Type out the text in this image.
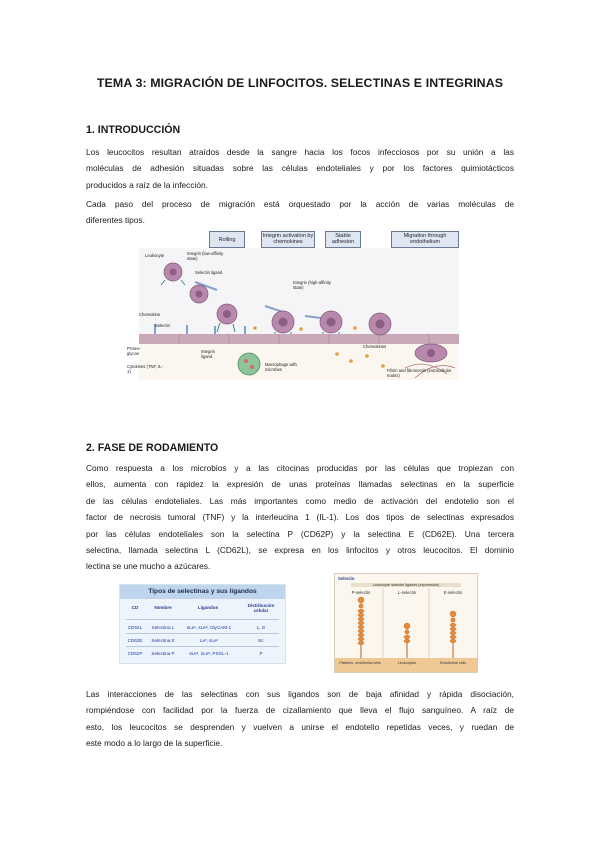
TEMA 3: MIGRACIÓN DE LINFOCITOS. SELECTINAS E INTEGRINAS
1. INTRODUCCIÓN
Los leucocitos resultan atraídos desde la sangre hacia los focos infecciosos por su unión a las
moléculas de adhesión situadas sobre las células endoteliales y por los factores quimiotácticos
producidos a raíz de la infección.
Cada paso del proceso de migración está orquestado por la acción de varias moléculas de
diferentes tipos.
Rolling
Integrin activation by chemokines
Stable adhesion
Migration through endothelium
Leukocyte	Integrin (low-affinity state)
Selectin ligand
Integrin (high-affinity state)
Chemokine
Selectin
Proteo-glycan	Integrin ligand
Cytokines (TNF, IL-1)
Macrophage with microbes
Chemokines
Fibrin and fibronectin (extracellular matrix)
2. FASE DE RODAMIENTO
Como respuesta a los microbios y a las citocinas producidas por las células que tropiezan con
ellos, aumenta con rapidez la expresión de unas proteínas llamadas selectinas en la superficie
de las células endoteliales. Las más importantes como medio de activación del endotelio son el
factor de necrosis tumoral (TNF) y la interleucina 1 (IL-1). Los dos tipos de selectinas expresados
por las células endoteliales son la selectina P (CD62P) y la selectina E (CD62E). Una tercera
selectina, llamada selectina L (CD62L), se expresa en los linfocitos y otros leucocitos. El dominio
lectina se une mucho a azúcares.
Tipos de selectinas y sus ligandos
CD	Nombre	Ligandos	Distribución celular
CD62L	Selectina L	sLeˣ, sLeᵃ, GlyCAM-1	L, G
CD62E	Selectina E	Leˣ, sLeˣ	Ec
CD62P	Selectina P	sLeˣ, sLeᵃ, PSGL-1	P
Selectin
Leukocyte selectin ligands (expression)
P-selectin	L-selectin	E-selectin
Platelets, endothelial cells	Leukocytes	Endothelial cells
Las interacciones de las selectinas con sus ligandos son de baja afinidad y rápida disociación,
rompiéndose con facilidad por la fuerza de cizallamiento que lleva el flujo sanguíneo. A raíz de
esto, los leucocitos se desprenden y vuelven a unirse el endotelio repetidas veces, y ruedan de
este modo a lo largo de la superficie.
